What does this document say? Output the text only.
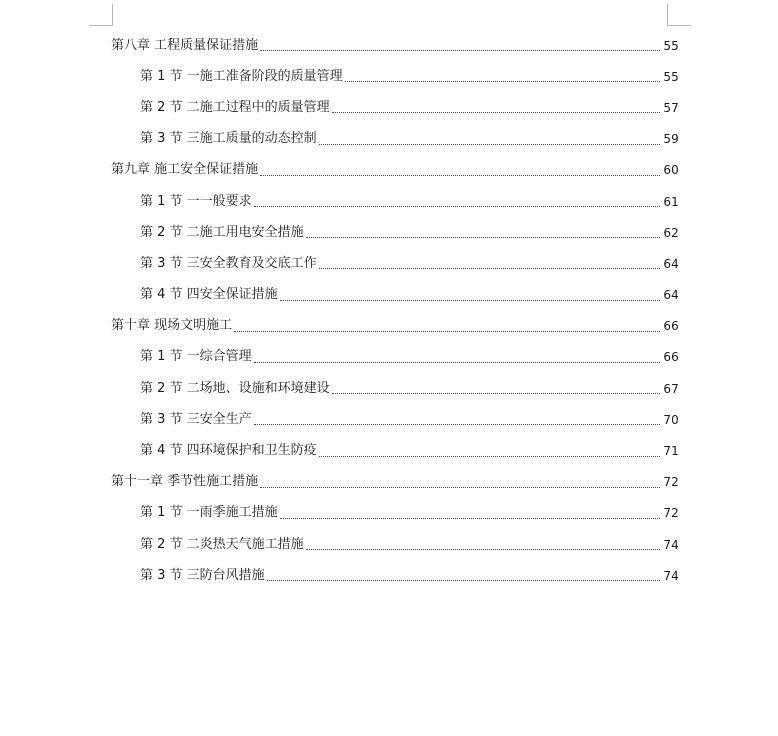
第八章 工程质量保证措施	55
第 1 节 一施工准备阶段的质量管理	55
第 2 节 二施工过程中的质量管理	57
第 3 节 三施工质量的动态控制	59
第九章 施工安全保证措施	60
第 1 节 一一般要求	61
第 2 节 二施工用电安全措施	62
第 3 节 三安全教育及交底工作	64
第 4 节 四安全保证措施	64
第十章 现场文明施工	66
第 1 节 一综合管理	66
第 2 节 二场地、设施和环境建设	67
第 3 节 三安全生产	70
第 4 节 四环境保护和卫生防疫	71
第十一章 季节性施工措施	72
第 1 节 一雨季施工措施	72
第 2 节 二炎热天气施工措施	74
第 3 节 三防台风措施	74
